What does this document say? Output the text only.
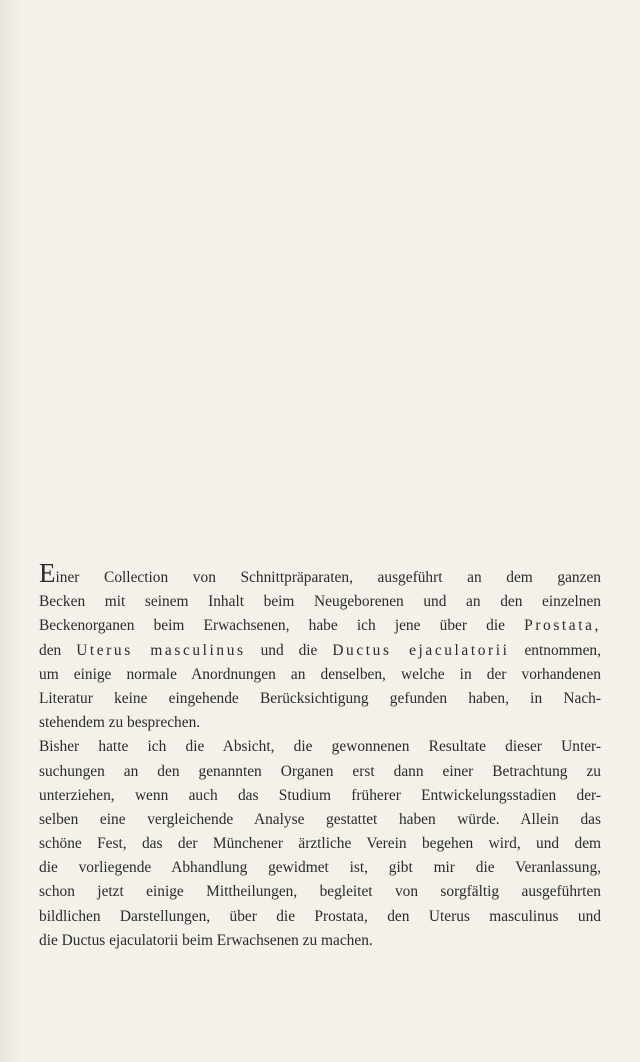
Einer Collection von Schnittpräparaten, ausgeführt an dem ganzen
Becken mit seinem Inhalt beim Neugeborenen und an den einzelnen
Beckenorganen beim Erwachsenen, habe ich jene über die Prostata,
den Uterus masculinus und die Ductus ejaculatorii entnommen,
um einige normale Anordnungen an denselben, welche in der vorhandenen
Literatur keine eingehende Berücksichtigung gefunden haben, in Nach-
stehendem zu besprechen.
Bisher hatte ich die Absicht, die gewonnenen Resultate dieser Unter-
suchungen an den genannten Organen erst dann einer Betrachtung zu
unterziehen, wenn auch das Studium früherer Entwickelungsstadien der-
selben eine vergleichende Analyse gestattet haben würde. Allein das
schöne Fest, das der Münchener ärztliche Verein begehen wird, und dem
die vorliegende Abhandlung gewidmet ist, gibt mir die Veranlassung,
schon jetzt einige Mittheilungen, begleitet von sorgfältig ausgeführten
bildlichen Darstellungen, über die Prostata, den Uterus masculinus und
die Ductus ejaculatorii beim Erwachsenen zu machen.
